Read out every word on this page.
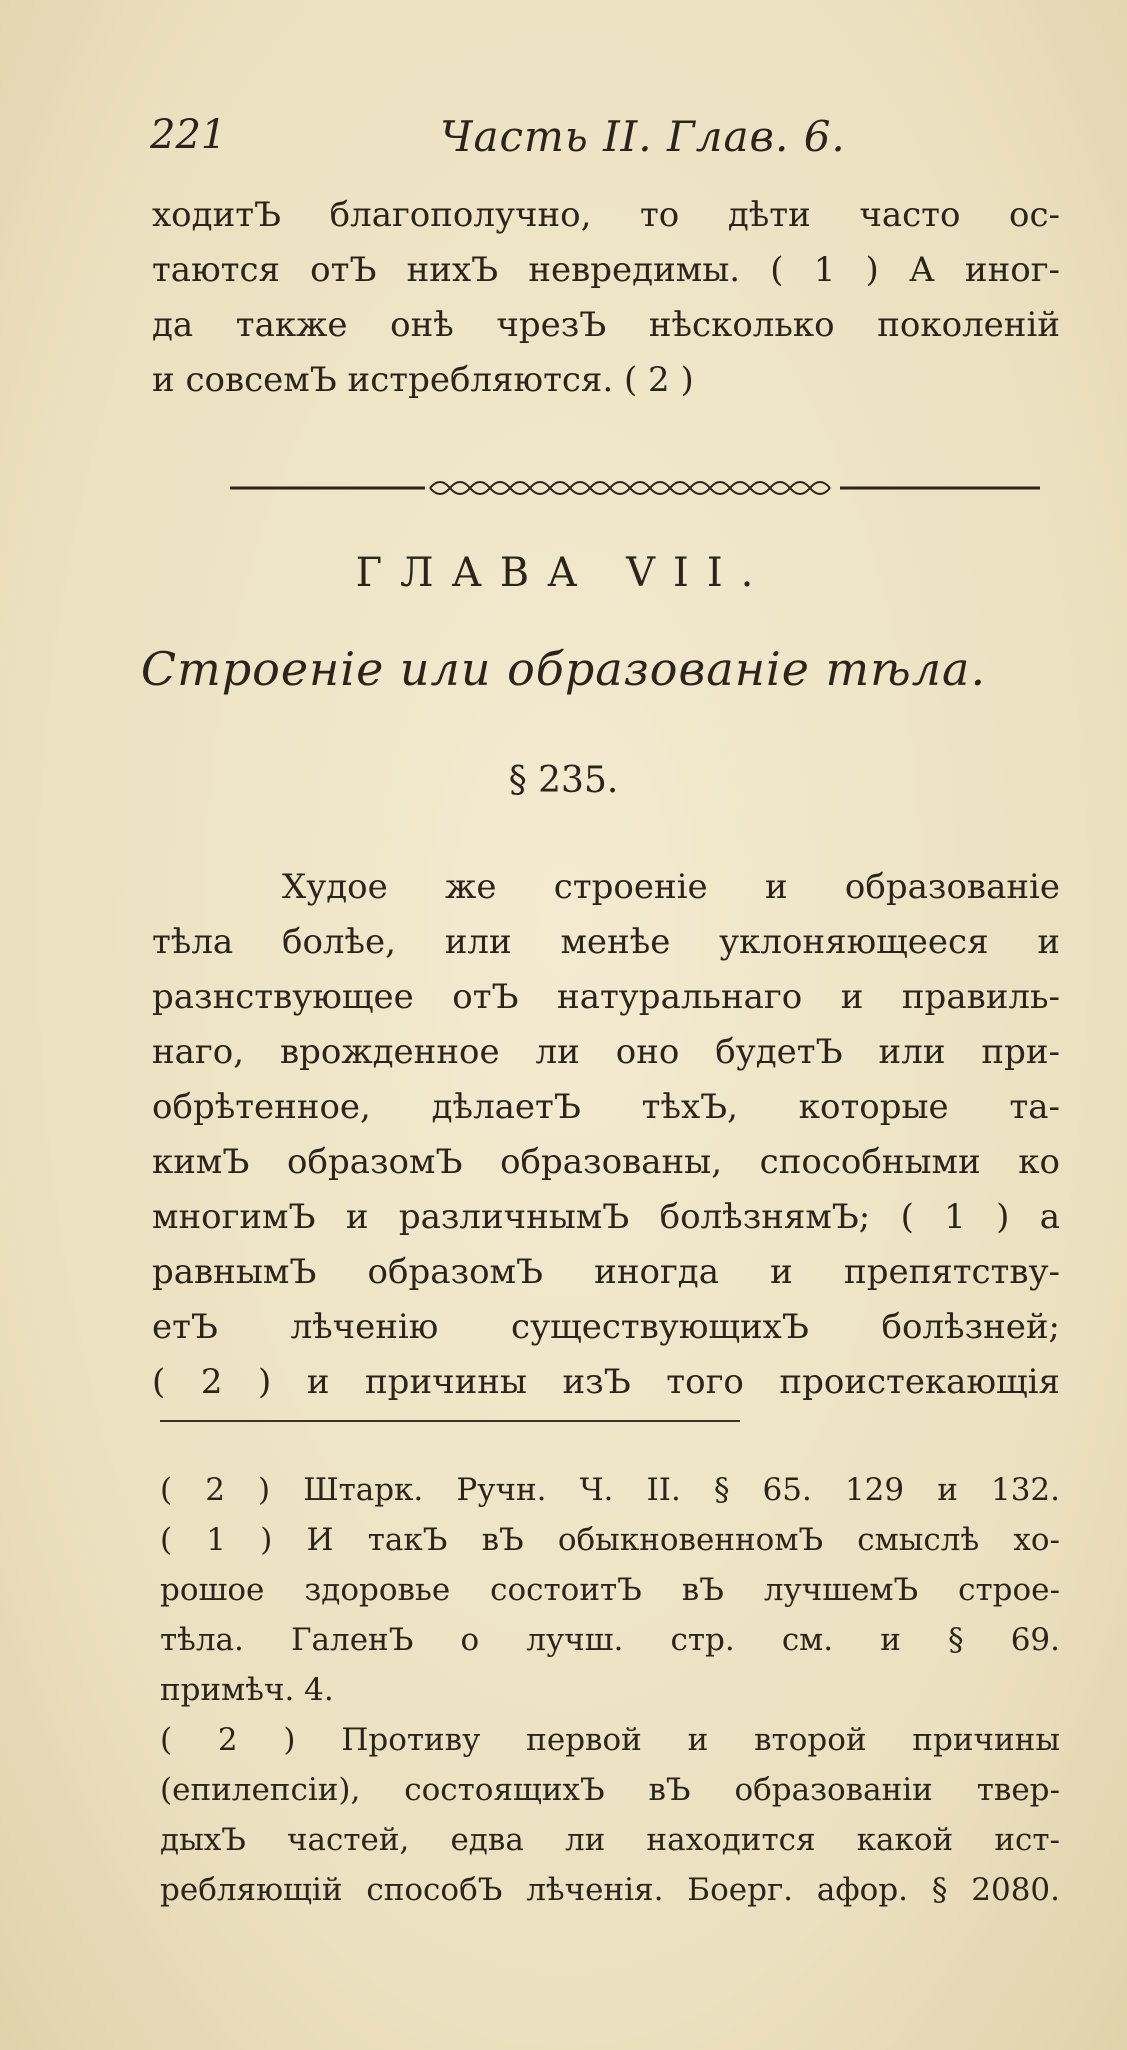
221	Часть II. Глав. 6.
ходитЪ благополучно, то дѣти часто ос-
таются отЪ нихЪ невредимы. ( 1 ) А иног-
да также онѣ чрезЪ нѣсколько поколенiй
и совсемЪ истребляются. ( 2 )
ГЛАВА VII.
Строенiе или образованiе тѣла.
§ 235.
Худое же строенiе и образованiе
тѣла болѣе, или менѣе уклоняющееся и
разнствующее отЪ натуральнаго и правиль-
наго, врожденное ли оно будетЪ или при-
обрѣтенное, дѣлаетЪ тѣхЪ, которые та-
кимЪ образомЪ образованы, способными ко
многимЪ и различнымЪ болѣзнямЪ; ( 1 ) а
равнымЪ образомЪ иногда и препятству-
етЪ лѣченiю существующихЪ болѣзней;
( 2 ) и причины изЪ того проистекающiя
( 2 ) Штарк. Ручн. Ч. II. § 65. 129 и 132.
( 1 ) И такЪ вЪ обыкновенномЪ смыслѣ хо-
рошое здоровье состоитЪ вЪ лучшемЪ строе-
тѣла. ГаленЪ о лучш. стр. см. и § 69.
примѣч. 4.
( 2 ) Противу первой и второй причины
(епилепсiи), состоящихЪ вЪ образованiи твер-
дыхЪ частей, едва ли находится какой ист-
ребляющiй способЪ лѣченiя. Боерг. афор. § 2080.
